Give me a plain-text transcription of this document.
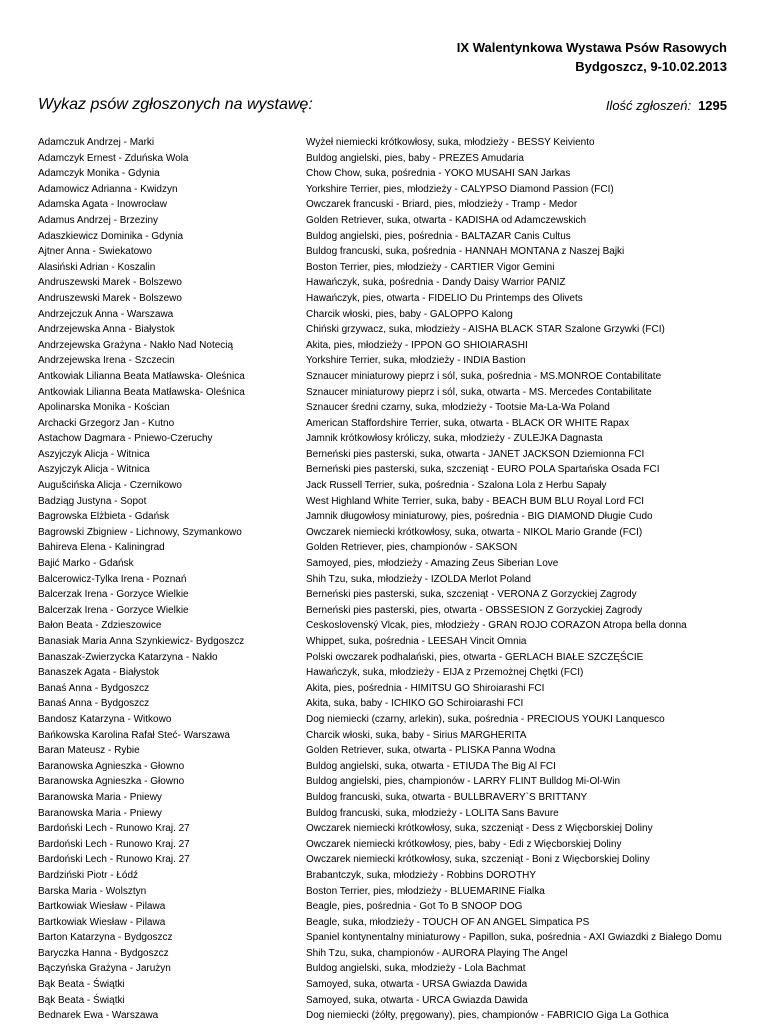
IX Walentynkowa Wystawa Psów Rasowych
Bydgoszcz, 9-10.02.2013
Wykaz psów zgłoszonych na wystawę:	Ilość zgłoszeń: 1295
Adamczuk Andrzej - Marki	Wyżeł niemiecki krótkowłosy, suka, młodzieży - BESSY Keiviento
Adamczyk Ernest - Zduńska Wola	Buldog angielski, pies, baby - PREZES Amudaria
Adamczyk Monika - Gdynia	Chow Chow, suka, pośrednia - YOKO MUSAHI SAN Jarkas
Adamowicz Adrianna - Kwidzyn	Yorkshire Terrier, pies, młodzieży - CALYPSO Diamond Passion (FCI)
Adamska Agata - Inowrocław	Owczarek francuski - Briard, pies, młodzieży - Tramp - Medor
Adamus Andrzej - Brzeziny	Golden Retriever, suka, otwarta - KADISHA od Adamczewskich
Adaszkiewicz Dominika - Gdynia	Buldog angielski, pies, pośrednia - BALTAZAR Canis Cultus
Ajtner Anna - Swiekatowo	Buldog francuski, suka, pośrednia - HANNAH MONTANA z Naszej Bajki
Alasiński Adrian - Koszalin	Boston Terrier, pies, młodzieży - CARTIER Vigor Gemini
Andruszewski Marek - Bolszewo	Hawańczyk, suka, pośrednia - Dandy Daisy Warrior PANIZ
Andruszewski Marek - Bolszewo	Hawańczyk, pies, otwarta - FIDELIO Du Printemps des Olivets
Andrzejczuk Anna - Warszawa	Charcik włoski, pies, baby - GALOPPO Kalong
Andrzejewska Anna - Białystok	Chiński grzywacz, suka, młodzieży - AISHA BLACK STAR Szalone Grzywki (FCI)
Andrzejewska Grażyna - Nakło Nad Notecią	Akita, pies, młodzieży - IPPON GO SHIOIARASHI
Andrzejewska Irena - Szczecin	Yorkshire Terrier, suka, młodzieży - INDIA Bastion
Antkowiak Lilianna Beata Matławska- Oleśnica	Sznaucer miniaturowy pieprz i sól, suka, pośrednia - MS.MONROE Contabilitate
Antkowiak Lilianna Beata Matławska- Oleśnica	Sznaucer miniaturowy pieprz i sól, suka, otwarta - MS. Mercedes Contabilitate
Apolinarska Monika - Kościan	Sznaucer średni czarny, suka, młodzieży - Tootsie Ma-La-Wa Poland
Archacki Grzegorz Jan - Kutno	American Staffordshire Terrier, suka, otwarta - BLACK OR WHITE Rapax
Astachow Dagmara - Pniewo-Czeruchy	Jamnik krótkowłosy króliczy, suka, młodzieży - ZULEJKA Dagnasta
Aszyjczyk Alicja - Witnica	Berneński pies pasterski, suka, otwarta - JANET JACKSON Dziemionna FCI
Aszyjczyk Alicja - Witnica	Berneński pies pasterski, suka, szczeniąt - EURO POLA Spartańska Osada FCI
Augušcińska Alicja - Czernikowo	Jack Russell Terrier, suka, pośrednia - Szalona Lola z Herbu Sapały
Badziąg Justyna - Sopot	West Highland White Terrier, suka, baby - BEACH BUM BLU Royal Lord FCI
Bagrowska Elżbieta - Gdańsk	Jamnik długowłosy miniaturowy, pies, pośrednia - BIG DIAMOND Długie Cudo
Bagrowski Zbigniew - Lichnowy, Szymankowo	Owczarek niemiecki krótkowłosy, suka, otwarta - NIKOL Mario Grande (FCI)
Bahireva Elena - Kaliningrad	Golden Retriever, pies, championów - SAKSON
Bajić Marko - Gdańsk	Samoyed, pies, młodzieży - Amazing Zeus Siberian Love
Balcerowicz-Tylka Irena - Poznań	Shih Tzu, suka, młodzieży - IZOLDA Merlot Poland
Balcerzak Irena - Gorzyce Wielkie	Berneński pies pasterski, suka, szczeniąt - VERONA Z Gorzyckiej Zagrody
Balcerzak Irena - Gorzyce Wielkie	Berneński pies pasterski, pies, otwarta - OBSSESION Z Gorzyckiej Zagrody
Bałon Beata - Zdzieszowice	Ceskoslovenský Vlcak, pies, młodzieży - GRAN ROJO CORAZON Atropa bella donna
Banasiak Maria Anna Szynkiewicz- Bydgoszcz	Whippet, suka, pośrednia - LEESAH Vincit Omnia
Banaszak-Zwierzycka Katarzyna - Nakło	Polski owczarek podhalański, pies, otwarta - GERLACH BIAŁE SZCZĘŚCIE
Banaszek Agata - Białystok	Hawańczyk, suka, młodzieży - EIJA z Przemożnej Chętki (FCI)
Banaś Anna - Bydgoszcz	Akita, pies, pośrednia - HIMITSU GO Shiroiarashi FCI
Banaś Anna - Bydgoszcz	Akita, suka, baby - ICHIKO GO Schiroiarashi FCI
Bandosz Katarzyna - Witkowo	Dog niemiecki (czarny, arlekin), suka, pośrednia - PRECIOUS YOUKI Lanquesco
Bańkowska Karolina Rafał Steć- Warszawa	Charcik włoski, suka, baby - Sirius MARGHERITA
Baran Mateusz - Rybie	Golden Retriever, suka, otwarta - PLISKA Panna Wodna
Baranowska Agnieszka - Głowno	Buldog angielski, suka, otwarta - ETIUDA The Big Al FCI
Baranowska Agnieszka - Głowno	Buldog angielski, pies, championów - LARRY FLINT Bulldog Mi-Ol-Win
Baranowska Maria - Pniewy	Buldog francuski, suka, otwarta - BULLBRAVERY`S BRITTANY
Baranowska Maria - Pniewy	Buldog francuski, suka, młodzieży - LOLITA Sans Bavure
Bardoński Lech - Runowo Kraj. 27	Owczarek niemiecki krótkowłosy, suka, szczeniąt - Dess z Więcborskiej Doliny
Bardoński Lech - Runowo Kraj. 27	Owczarek niemiecki krótkowłosy, pies, baby - Edi z Więcborskiej Doliny
Bardoński Lech - Runowo Kraj. 27	Owczarek niemiecki krótkowłosy, suka, szczeniąt - Boni z Więcborskiej Doliny
Bardziński Piotr - Łódź	Brabantczyk, suka, młodzieży - Robbins DOROTHY
Barska Maria - Wolsztyn	Boston Terrier, pies, młodzieży - BLUEMARINE Fialka
Bartkowiak Wiesław - Pilawa	Beagle, pies, pośrednia - Got To B SNOOP DOG
Bartkowiak Wiesław - Pilawa	Beagle, suka, młodzieży - TOUCH OF AN ANGEL Simpatica PS
Barton Katarzyna - Bydgoszcz	Spaniel kontynentalny miniaturowy - Papillon, suka, pośrednia - AXI Gwiazdki z Białego Domu
Baryczka Hanna - Bydgoszcz	Shih Tzu, suka, championów - AURORA Playing The Angel
Bączyńska Grażyna - Jarużyn	Buldog angielski, suka, młodzieży - Lola Bachmat
Bąk Beata - Świątki	Samoyed, suka, otwarta - URSA Gwiazda Dawida
Bąk Beata - Świątki	Samoyed, suka, otwarta - URCA Gwiazda Dawida
Bednarek Ewa - Warszawa	Dog niemiecki (żółty, pręgowany), pies, championów - FABRICIO Giga La Gothica
